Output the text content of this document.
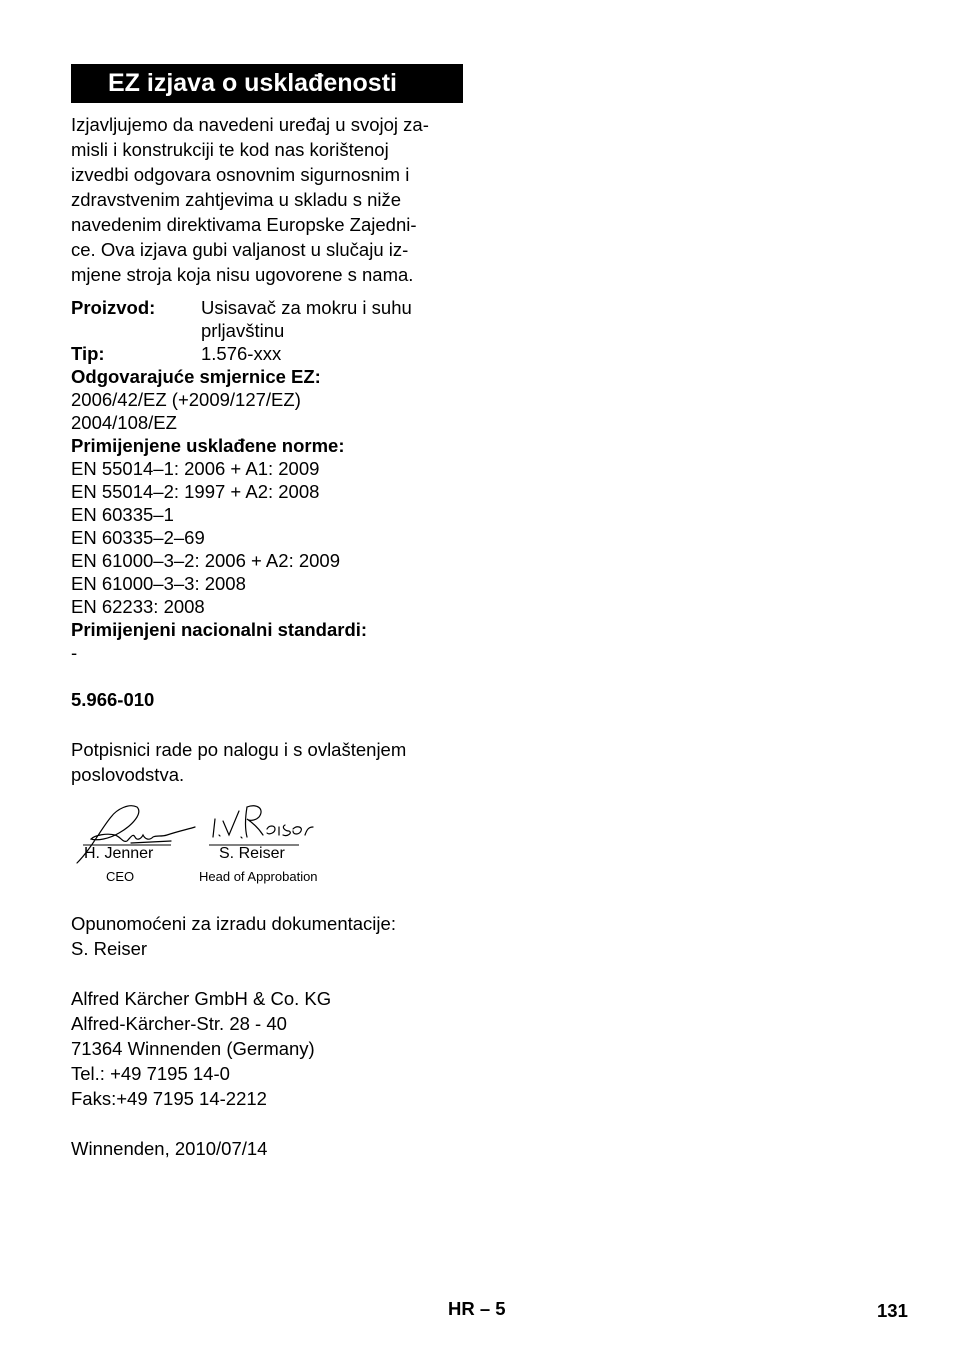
EZ izjava o usklađenosti

Izjavljujemo da navedeni uređaj u svojoj za-

misli i konstrukciji te kod nas korištenoj

izvedbi odgovara osnovnim sigurnosnim i

zdravstvenim zahtjevima u skladu s niže

navedenim direktivama Europske Zajedni-

ce. Ova izjava gubi valjanost u slučaju iz-

mjene stroja koja nisu ugovorene s nama.

Proizvod:	Usisavač za mokru i suhu
prljavštinu
Tip:	1.576-xxx
Odgovarajuće smjernice EZ:
2006/42/EZ (+2009/127/EZ)
2004/108/EZ
Primijenjene usklađene norme:
EN 55014–1: 2006 + A1: 2009
EN 55014–2: 1997 + A2: 2008
EN 60335–1
EN 60335–2–69
EN 61000–3–2: 2006 + A2: 2009
EN 61000–3–3: 2008
EN 62233: 2008
Primijenjeni nacionalni standardi:
-
5.966-010

Potpisnici rade po nalogu i s ovlaštenjem

poslovodstva.

H. Jenner
CEO
S. Reiser
Head of Approbation

Opunomoćeni za izradu dokumentacije:

S. Reiser

Alfred Kärcher GmbH & Co. KG

Alfred-Kärcher-Str. 28 - 40

71364 Winnenden (Germany)

Tel.: +49 7195 14-0

Faks:+49 7195 14-2212

Winnenden, 2010/07/14

HR – 5	131
